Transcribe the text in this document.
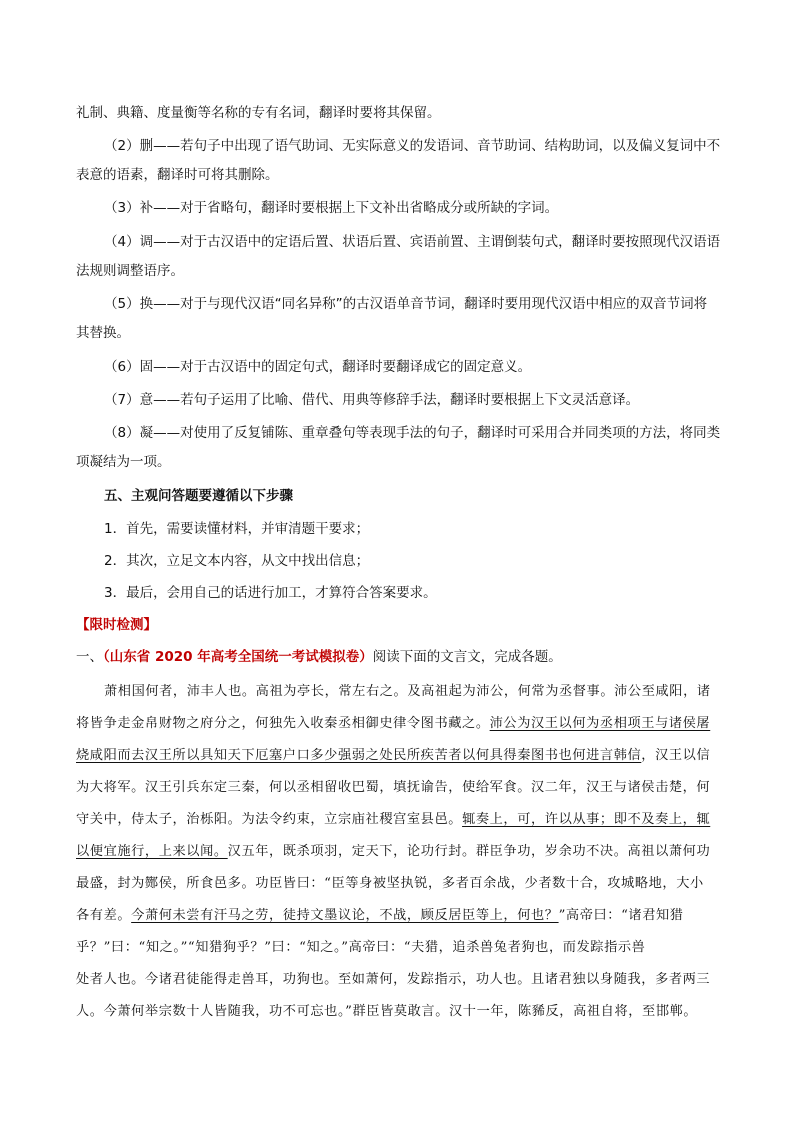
礼制、典籍、度量衡等名称的专有名词，翻译时要将其保留。
（2）删——若句子中出现了语气助词、无实际意义的发语词、音节助词、结构助词，以及偏义复词中不
表意的语素，翻译时可将其删除。
（3）补——对于省略句，翻译时要根据上下文补出省略成分或所缺的字词。
（4）调——对于古汉语中的定语后置、状语后置、宾语前置、主谓倒装句式，翻译时要按照现代汉语语
法规则调整语序。
（5）换——对于与现代汉语“同名异称”的古汉语单音节词，翻译时要用现代汉语中相应的双音节词将
其替换。
（6）固——对于古汉语中的固定句式，翻译时要翻译成它的固定意义。
（7）意——若句子运用了比喻、借代、用典等修辞手法，翻译时要根据上下文灵活意译。
（8）凝——对使用了反复铺陈、重章叠句等表现手法的句子，翻译时可采用合并同类项的方法，将同类
项凝结为一项。
五、主观问答题要遵循以下步骤
1．首先，需要读懂材料，并审清题干要求；
2．其次，立足文本内容，从文中找出信息；
3．最后，会用自己的话进行加工，才算符合答案要求。
【限时检测】
一、（山东省 2020 年高考全国统一考试模拟卷）阅读下面的文言文，完成各题。
萧相国何者，沛丰人也。高祖为亭长，常左右之。及高祖起为沛公，何常为丞督事。沛公至咸阳，诸
将皆争走金帛财物之府分之，何独先入收秦丞相御史律令图书藏之。沛公为汉王以何为丞相项王与诸侯屠
烧咸阳而去汉王所以具知天下厄塞户口多少强弱之处民所疾苦者以何具得秦图书也何进言韩信，汉王以信
为大将军。汉王引兵东定三秦，何以丞相留收巴蜀，填抚谕告，使给军食。汉二年，汉王与诸侯击楚，何
守关中，侍太子，治栎阳。为法令约束，立宗庙社稷宫室县邑。辄奏上，可，许以从事；即不及奏上，辄
以便宜施行，上来以闻。汉五年，既杀项羽，定天下，论功行封。群臣争功，岁余功不决。高祖以萧何功
最盛，封为酂侯，所食邑多。功臣皆曰：“臣等身被坚执锐，多者百余战，少者数十合，攻城略地，大小
各有差。今萧何未尝有汗马之劳，徒持文墨议论，不战，顾反居臣等上，何也？”高帝曰：“诸君知猎
乎？”曰：“知之。”“知猎狗乎？”曰：“知之。”高帝曰：“夫猎，追杀兽兔者狗也，而发踪指示兽
处者人也。今诸君徒能得走兽耳，功狗也。至如萧何，发踪指示，功人也。且诸君独以身随我，多者两三
人。今萧何举宗数十人皆随我，功不可忘也。”群臣皆莫敢言。汉十一年，陈豨反，高祖自将，至邯郸。
